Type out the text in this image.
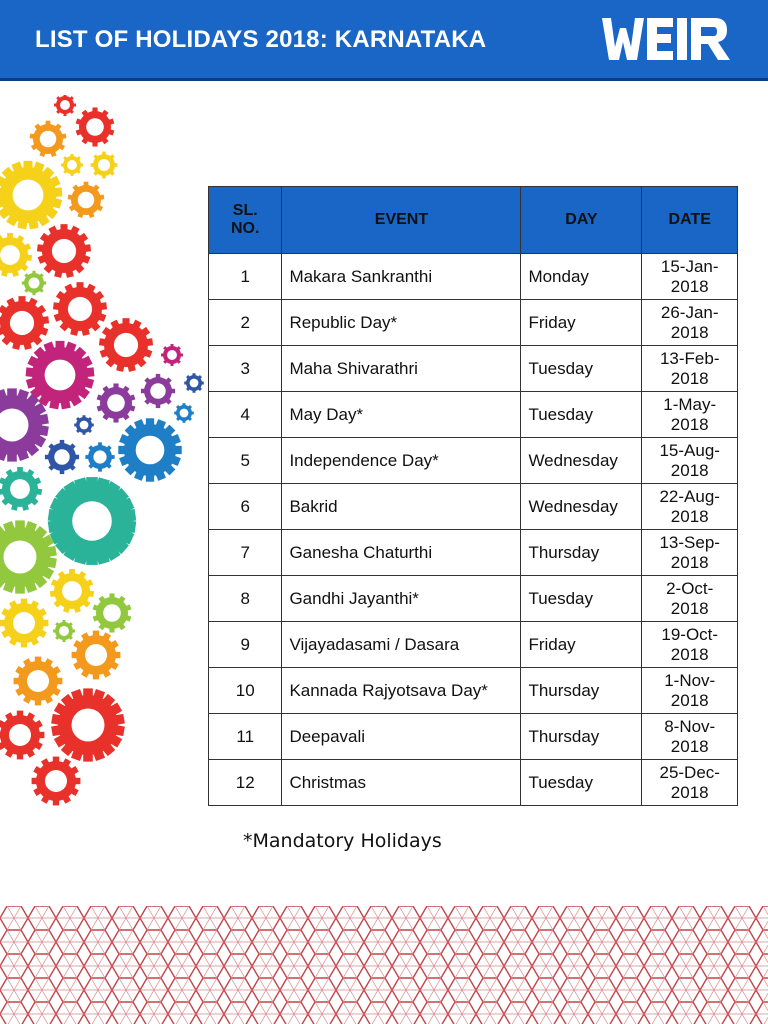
LIST OF HOLIDAYS 2018: KARNATAKA	WEIR
SL. NO.	EVENT	DAY	DATE
1	Makara Sankranthi	Monday	15-Jan-2018
2	Republic Day*	Friday	26-Jan-2018
3	Maha Shivarathri	Tuesday	13-Feb-2018
4	May Day*	Tuesday	1-May-2018
5	Independence Day*	Wednesday	15-Aug-2018
6	Bakrid	Wednesday	22-Aug-2018
7	Ganesha Chaturthi	Thursday	13-Sep-2018
8	Gandhi Jayanthi*	Tuesday	2-Oct-2018
9	Vijayadasami / Dasara	Friday	19-Oct-2018
10	Kannada Rajyotsava Day*	Thursday	1-Nov-2018
11	Deepavali	Thursday	8-Nov-2018
12	Christmas	Tuesday	25-Dec-2018
*Mandatory Holidays
